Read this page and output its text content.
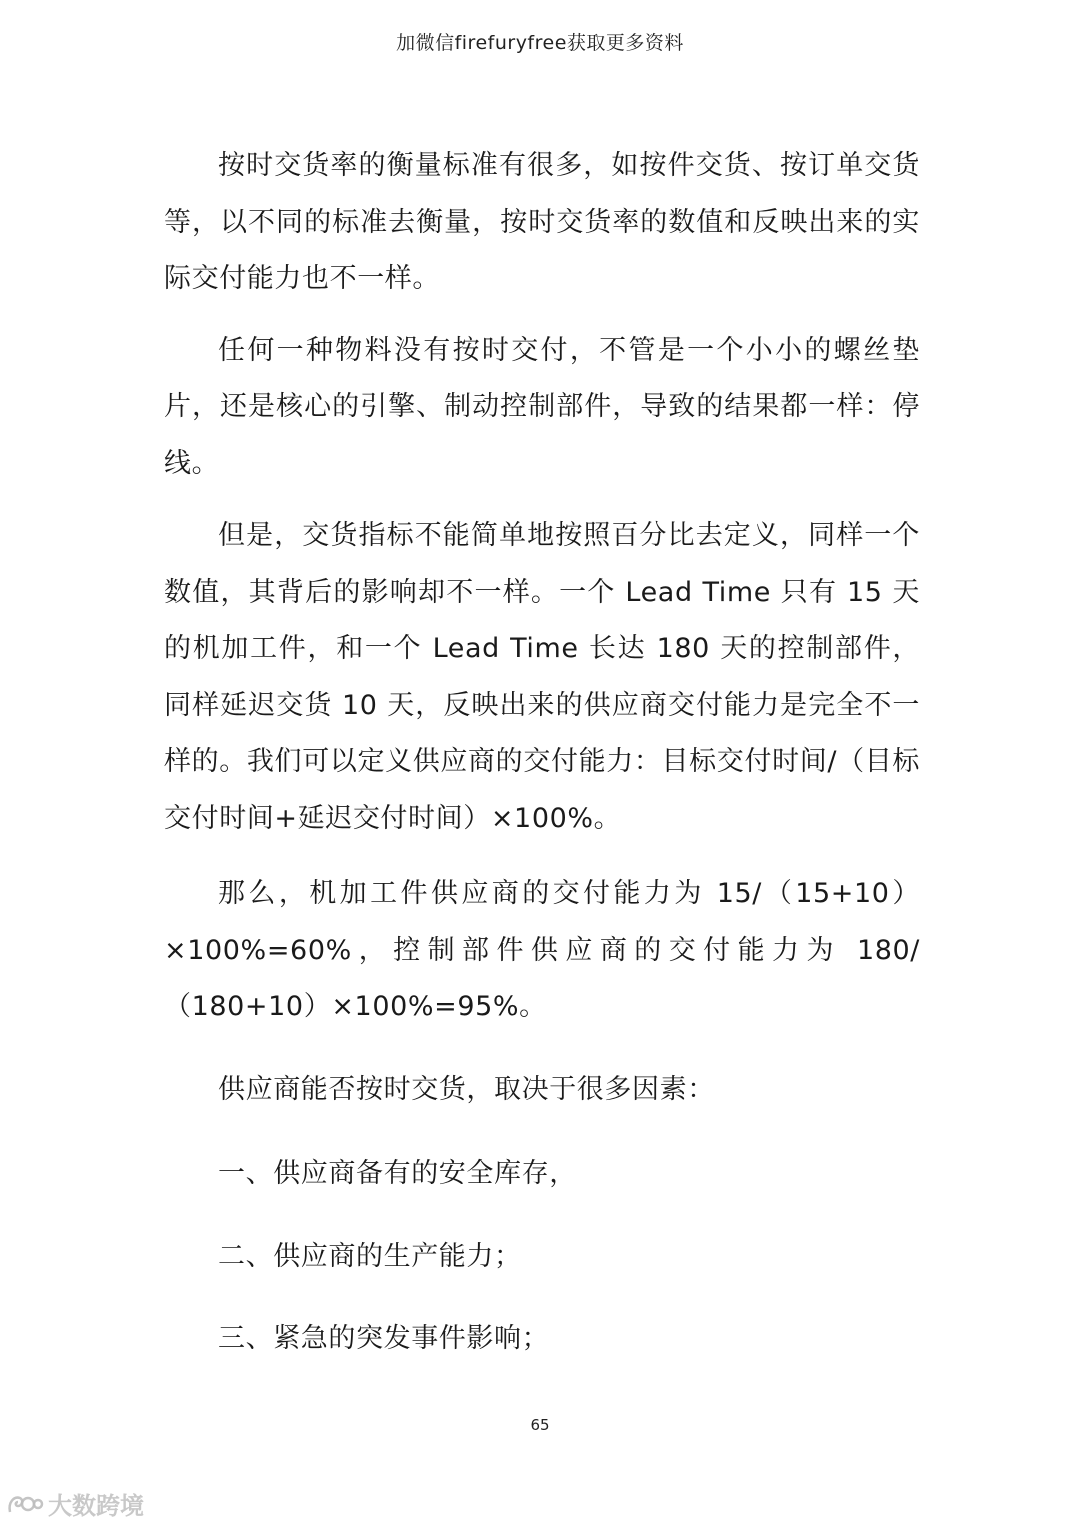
加微信firefuryfree获取更多资料

按时交货率的衡量标准有很多，如按件交货、按订单交货等，以不同的标准去衡量，按时交货率的数值和反映出来的实际交付能力也不一样。

任何一种物料没有按时交付，不管是一个小小的螺丝垫片，还是核心的引擎、制动控制部件，导致的结果都一样：停线。

但是，交货指标不能简单地按照百分比去定义，同样一个数值，其背后的影响却不一样。一个 Lead Time 只有 15 天的机加工件，和一个 Lead Time 长达 180 天的控制部件，同样延迟交货 10 天，反映出来的供应商交付能力是完全不一样的。我们可以定义供应商的交付能力：目标交付时间/（目标交付时间+延迟交付时间）×100%。

那么，机加工件供应商的交付能力为 15/（15+10）×100%=60%，控制部件供应商的交付能力为 180/（180+10）×100%=95%。

供应商能否按时交货，取决于很多因素：

一、供应商备有的安全库存，

二、供应商的生产能力；

三、紧急的突发事件影响；

65
大数跨境
